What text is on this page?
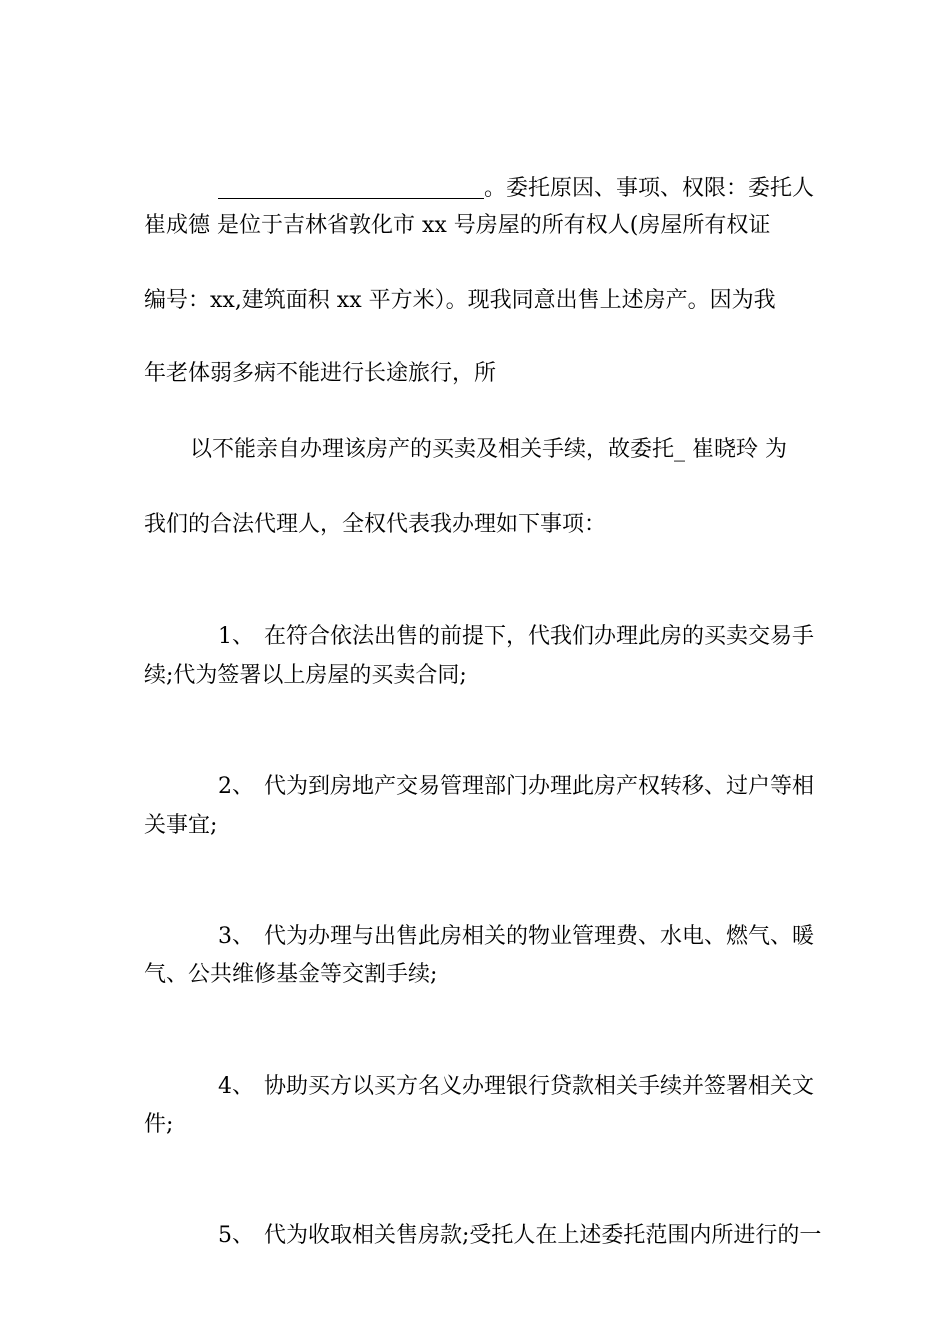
。委托原因、事项、权限：委托人

崔成德 是位于吉林省敦化市 xx 号房屋的所有权人(房屋所有权证
编号：xx,建筑面积 xx 平方米）。现我同意出售上述房产。因为我
年老体弱多病不能进行长途旅行，所
以不能亲自办理该房产的买卖及相关手续，故委托_ 崔晓玲 为
我们的合法代理人，全权代表我办理如下事项：

1、 在符合依法出售的前提下，代我们办理此房的买卖交易手

续;代为签署以上房屋的买卖合同;

2、 代为到房地产交易管理部门办理此房产权转移、过户等相

关事宜;

3、 代为办理与出售此房相关的物业管理费、水电、燃气、暖

气、公共维修基金等交割手续;

4、 协助买方以买方名义办理银行贷款相关手续并签署相关文

件;

5、 代为收取相关售房款;受托人在上述委托范围内所进行的一
